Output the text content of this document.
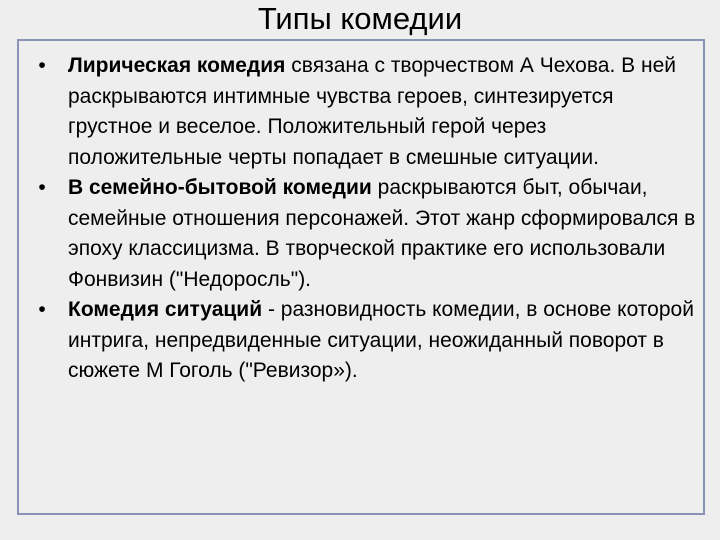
Типы комедии
•	Лирическая комедия связана с творчеством А Чехова. В ней раскрываются интимные чувства героев, синтезируется грустное и веселое. Положительный герой через положительные черты попадает в смешные ситуации.
•	В семейно-бытовой комедии раскрываются быт, обычаи, семейные отношения персонажей. Этот жанр сформировался в эпоху классицизма. В творческой практике его использовали Фонвизин ("Недоросль").
•	Комедия ситуаций - разновидность комедии, в основе которой интрига, непредвиденные ситуации, неожиданный поворот в сюжете М Гоголь ("Ревизор»).
